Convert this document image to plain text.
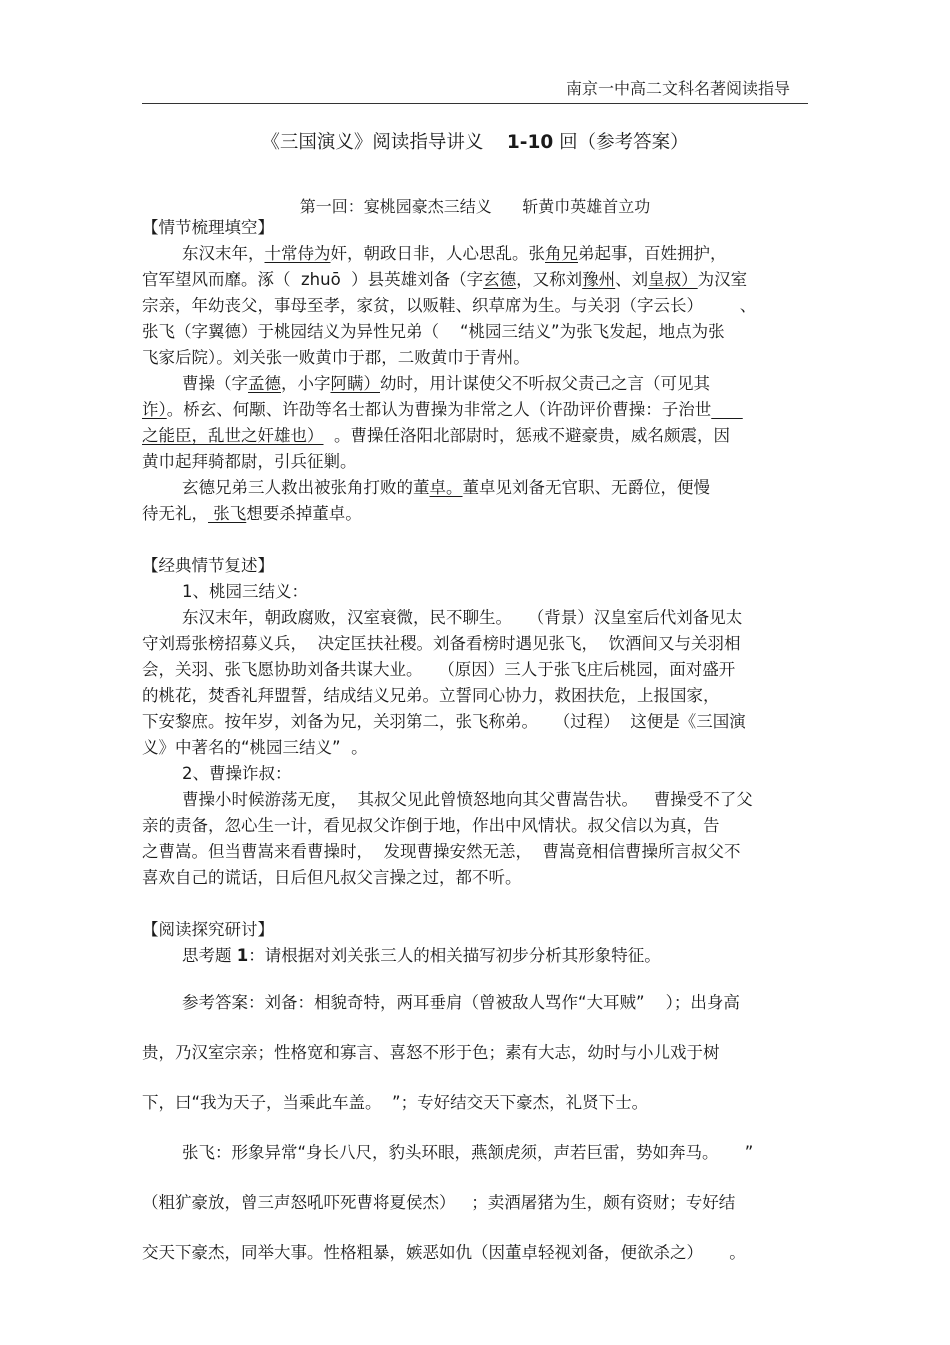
南京一中高二文科名著阅读指导
《三国演义》阅读指导讲义    1-10 回（参考答案）
第一回：宴桃园豪杰三结义      斩黄巾英雄首立功
【情节梳理填空】
东汉末年，十常侍为奸，朝政日非，人心思乱。张角兄弟起事，百姓拥护，
官军望风而靡。涿（  zhuō  ）县英雄刘备（字玄德，又称刘豫州、刘皇叔）为汉室
宗亲，年幼丧父，事母至孝，家贫，以贩鞋、织草席为生。与关羽（字云长）       、
张飞（字翼德）于桃园结义为异性兄弟（    “桃园三结义”为张飞发起，地点为张
飞家后院）。刘关张一败黄巾于郡，二败黄巾于青州。
曹操（字孟德，小字阿瞒）幼时，用计谋使父不听叔父责己之言（可见其
诈）。桥玄、何颙、许劭等名士都认为曹操为非常之人（许劭评价曹操：子治世
之能臣，乱世之奸雄也）  。曹操任洛阳北部尉时，惩戒不避豪贵，威名颇震，因
黄巾起拜骑都尉，引兵征剿。
玄德兄弟三人救出被张角打败的董卓。董卓见刘备无官职、无爵位，便慢
待无礼， 张飞想要杀掉董卓。
【经典情节复述】
1、桃园三结义：
东汉末年，朝政腐败，汉室衰微，民不聊生。   （背景）汉皇室后代刘备见太
守刘焉张榜招募义兵，  决定匡扶社稷。刘备看榜时遇见张飞，  饮酒间又与关羽相
会，关羽、张飞愿协助刘备共谋大业。   （原因）三人于张飞庄后桃园，面对盛开
的桃花，焚香礼拜盟誓，结成结义兄弟。立誓同心协力，救困扶危，上报国家，
下安黎庶。按年岁，刘备为兄，关羽第二，张飞称弟。   （过程）  这便是《三国演
义》中著名的“桃园三结义”  。
2、曹操诈叔：
曹操小时候游荡无度，  其叔父见此曾愤怒地向其父曹嵩告状。   曹操受不了父
亲的责备，忽心生一计，看见叔父诈倒于地，作出中风情状。叔父信以为真，告
之曹嵩。但当曹嵩来看曹操时，  发现曹操安然无恙，  曹嵩竟相信曹操所言叔父不
喜欢自己的谎话，日后但凡叔父言操之过，都不听。
【阅读探究研讨】
思考题 1：请根据对刘关张三人的相关描写初步分析其形象特征。
参考答案：刘备：相貌奇特，两耳垂肩（曾被敌人骂作“大耳贼”    ）；出身高
贵，乃汉室宗亲；性格宽和寡言、喜怒不形于色；素有大志，幼时与小儿戏于树
下，曰“我为天子，当乘此车盖。  ”；专好结交天下豪杰，礼贤下士。
张飞：形象异常“身长八尺，豹头环眼，燕颔虎须，声若巨雷，势如奔马。     ”
（粗犷豪放，曾三声怒吼吓死曹将夏侯杰）   ；卖酒屠猪为生，颇有资财；专好结
交天下豪杰，同举大事。性格粗暴，嫉恶如仇（因董卓轻视刘备，便欲杀之）     。
